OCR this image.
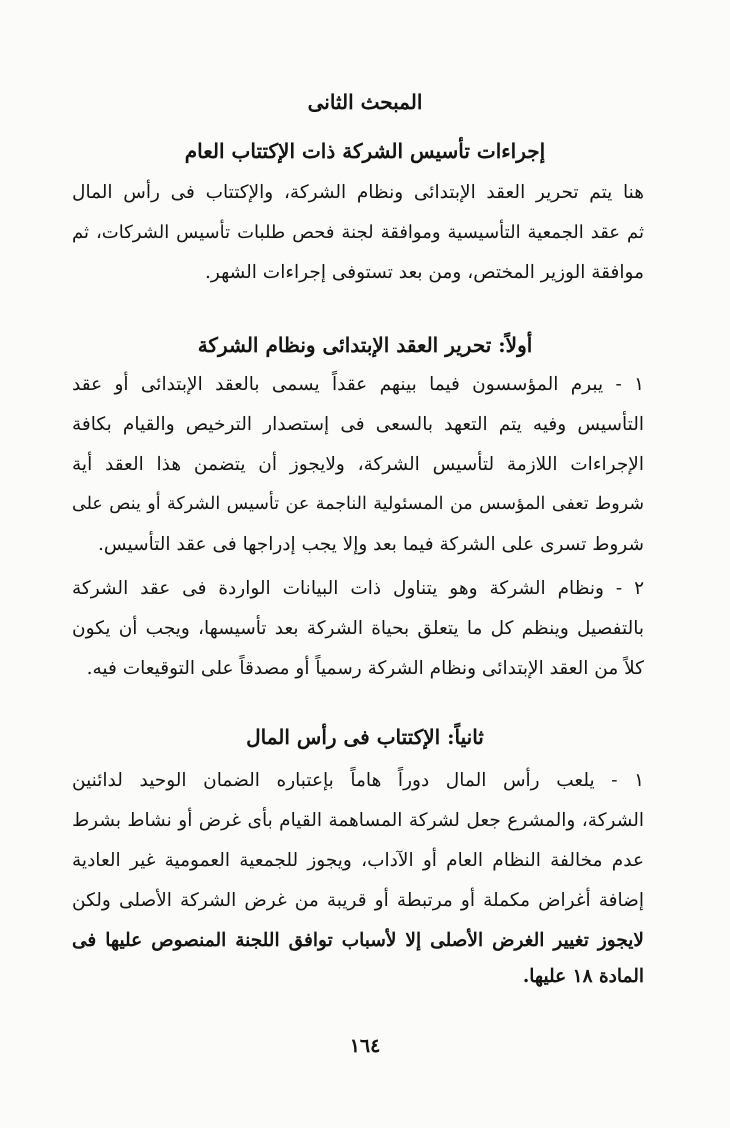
المبحث الثانى
إجراءات تأسيس الشركة ذات الإكتتاب العام
هنا يتم تحرير العقد الإبتدائى ونظام الشركة، والإكتتاب فى رأس المال
ثم عقد الجمعية التأسيسية وموافقة لجنة فحص طلبات تأسيس الشركات، ثم
موافقة الوزير المختص، ومن بعد تستوفى إجراءات الشهر.
أولاً: تحرير العقد الإبتدائى ونظام الشركة
١ - يبرم المؤسسون فيما بينهم عقداً يسمى بالعقد الإبتدائى أو عقد
التأسيس وفيه يتم التعهد بالسعى فى إستصدار الترخيص والقيام بكافة
الإجراءات اللازمة لتأسيس الشركة، ولايجوز أن يتضمن هذا العقد أية
شروط تعفى المؤسس من المسئولية الناجمة عن تأسيس الشركة أو ينص على
شروط تسرى على الشركة فيما بعد وإلا يجب إدراجها فى عقد التأسيس.
٢ - ونظام الشركة وهو يتناول ذات البيانات الواردة فى عقد الشركة
بالتفصيل وينظم كل ما يتعلق بحياة الشركة بعد تأسيسها، ويجب أن يكون
كلاً من العقد الإبتدائى ونظام الشركة رسمياً أو مصدقاً على التوقيعات فيه.
ثانياً: الإكتتاب فى رأس المال
١ - يلعب رأس المال دوراً هاماً بإعتباره الضمان الوحيد لدائنين
الشركة، والمشرع جعل لشركة المساهمة القيام بأى غرض أو نشاط بشرط
عدم مخالفة النظام العام أو الآداب، ويجوز للجمعية العمومية غير العادية
إضافة أغراض مكملة أو مرتبطة أو قريبة من غرض الشركة الأصلى ولكن
لايجوز تغيير الغرض الأصلى إلا لأسباب توافق اللجنة المنصوص عليها فى
المادة ١٨ عليها.
١٦٤
